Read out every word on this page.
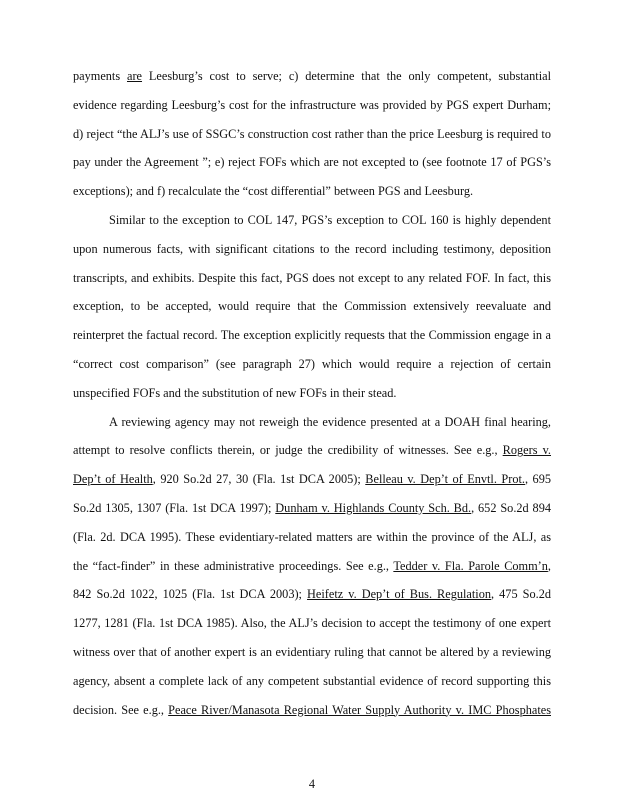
payments are Leesburg’s cost to serve; c) determine that the only competent, substantial
evidence regarding Leesburg’s cost for the infrastructure was provided by PGS expert Durham;
d) reject “the ALJ’s use of SSGC’s construction cost rather than the price Leesburg is required to
pay under the Agreement ”; e) reject FOFs which are not excepted to (see footnote 17 of PGS’s
exceptions); and f) recalculate the “cost differential” between PGS and Leesburg.
Similar to the exception to COL 147, PGS’s exception to COL 160 is highly dependent
upon numerous facts, with significant citations to the record including testimony, deposition
transcripts, and exhibits. Despite this fact, PGS does not except to any related FOF. In fact, this
exception, to be accepted, would require that the Commission extensively reevaluate and
reinterpret the factual record. The exception explicitly requests that the Commission engage in a
“correct cost comparison” (see paragraph 27) which would require a rejection of certain
unspecified FOFs and the substitution of new FOFs in their stead.
A reviewing agency may not reweigh the evidence presented at a DOAH final hearing,
attempt to resolve conflicts therein, or judge the credibility of witnesses. See e.g., Rogers v.
Dep’t of Health, 920 So.2d 27, 30 (Fla. 1st DCA 2005); Belleau v. Dep’t of Envtl. Prot., 695
So.2d 1305, 1307 (Fla. 1st DCA 1997); Dunham v. Highlands County Sch. Bd., 652 So.2d 894
(Fla. 2d. DCA 1995). These evidentiary-related matters are within the province of the ALJ, as
the “fact-finder” in these administrative proceedings. See e.g., Tedder v. Fla. Parole Comm’n,
842 So.2d 1022, 1025 (Fla. 1st DCA 2003); Heifetz v. Dep’t of Bus. Regulation, 475 So.2d
1277, 1281 (Fla. 1st DCA 1985). Also, the ALJ’s decision to accept the testimony of one expert
witness over that of another expert is an evidentiary ruling that cannot be altered by a reviewing
agency, absent a complete lack of any competent substantial evidence of record supporting this
decision. See e.g., Peace River/Manasota Regional Water Supply Authority v. IMC Phosphates
4
